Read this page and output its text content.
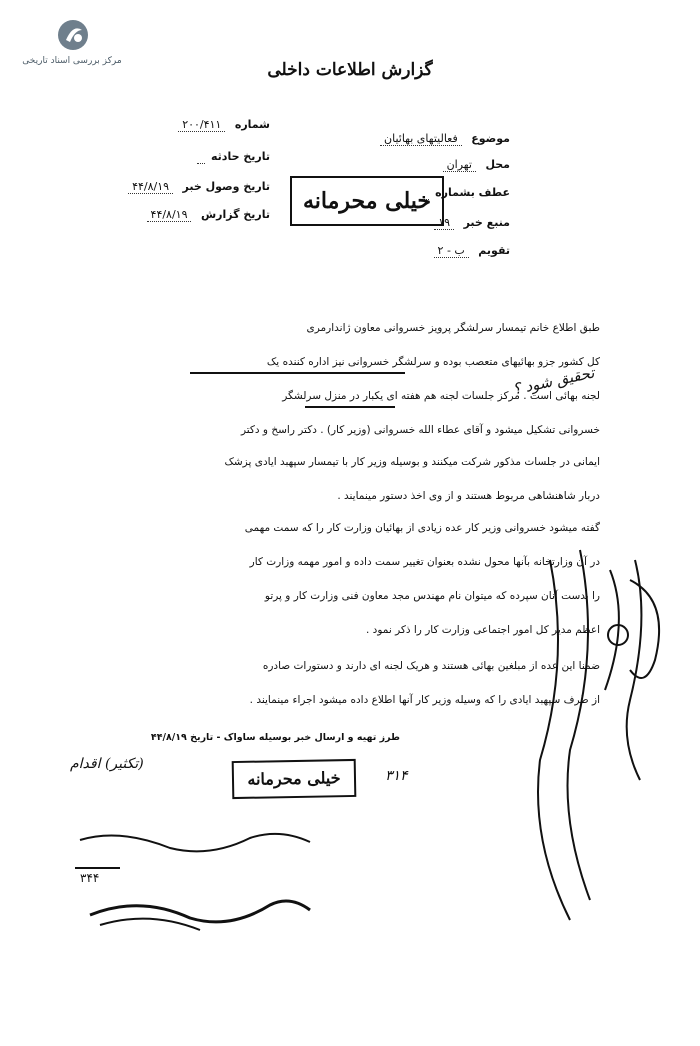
مرکز بررسی اسناد تاریخی	گزارش اطلاعات داخلی
موضوع فعالیتهای بهائیان
محل تهران
عطف بشماره
منبع خبر ۱۹
تقویم ب - ۲
شماره ۲۰۰/۴۱۱
تاریخ حادثه
تاریخ وصول خبر ۴۴/۸/۱۹
تاریخ گزارش ۴۴/۸/۱۹
خیلی محرمانه
طبق اطلاع خانم تیمسار سرلشگر پرویز خسروانی معاون ژاندارمری
کل کشور جزو بهائیهای متعصب بوده و سرلشگر خسروانی نیز اداره کننده یک
لجنه بهائی است . مرکز جلسات لجنه هم هفته ای یکبار در منزل سرلشگر
خسروانی تشکیل میشود و آقای عطاء الله خسروانی (وزیر کار) . دکتر راسخ و دکتر
ایمانی در جلسات مذکور شرکت میکنند و بوسیله وزیر کار با تیمسار سپهبد ایادی پزشک
دربار شاهنشاهی مربوط هستند و از وی اخذ دستور مینمایند .
گفته میشود خسروانی وزیر کار عده زیادی از بهائیان وزارت کار را که سمت مهمی
در آن وزارتخانه بآنها محول نشده بعنوان تغییر سمت داده و امور مهمه وزارت کار
را بدست آنان سپرده که میتوان نام مهندس مجد معاون فنی وزارت کار و پرتو
اعظم مدیر کل امور اجتماعی وزارت کار را ذکر نمود .
ضمنا این عده از مبلغین بهائی هستند و هریک لجنه ای دارند و دستورات صادره
از طرف سپهبد ایادی را که وسیله وزیر کار آنها اطلاع داده میشود اجراء مینمایند .
طرز تهیه و ارسال خبر بوسیله ساواک - تاریخ ۴۴/۸/۱۹
تحقیق شود ؟
۳۱۴
خیلی محرمانه
(تکثیر) اقدام
۳۴۴
